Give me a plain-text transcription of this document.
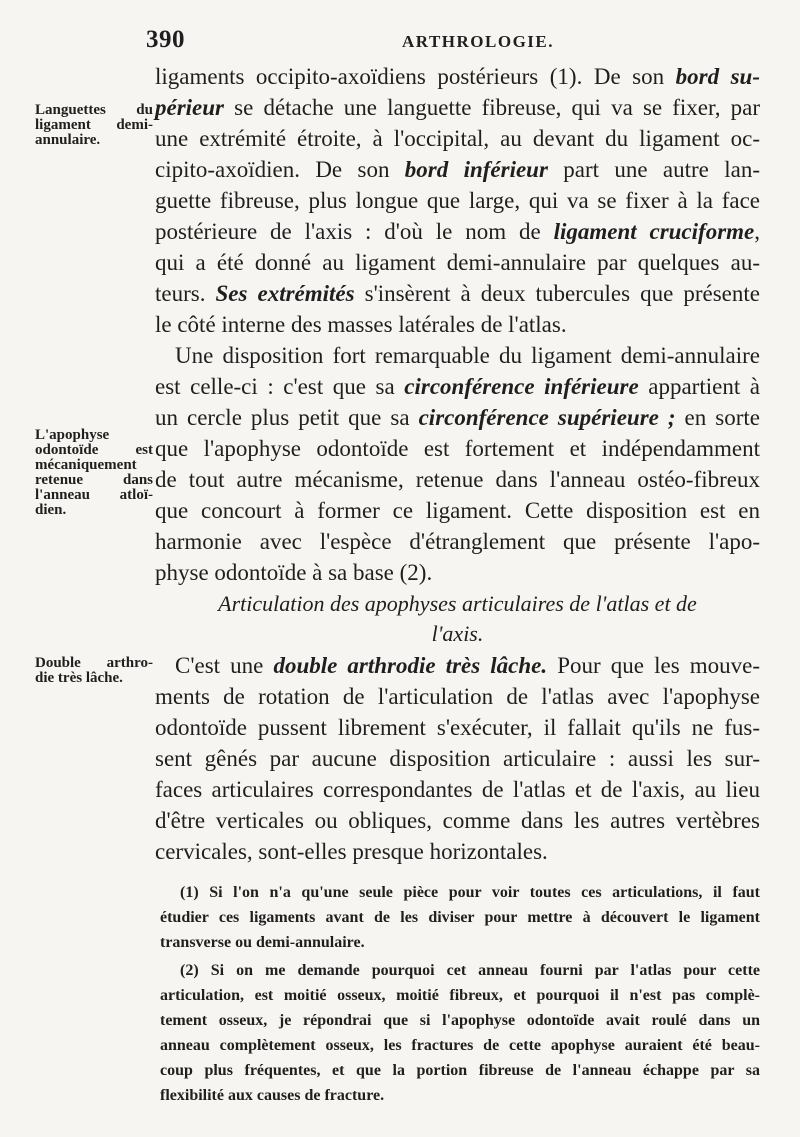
390	ARTHROLOGIE.
Languettes du
ligament demi-
annulaire.
L'apophyse
odontoïde est
mécaniquement
retenue dans
l'anneau atloï-
dien.
Double arthro-
die très lâche.
ligaments occipito-axoïdiens postérieurs (1). De son bord su-
périeur se détache une languette fibreuse, qui va se fixer, par
une extrémité étroite, à l'occipital, au devant du ligament oc-
cipito-axoïdien. De son bord inférieur part une autre lan-
guette fibreuse, plus longue que large, qui va se fixer à la face
postérieure de l'axis : d'où le nom de ligament cruciforme,
qui a été donné au ligament demi-annulaire par quelques au-
teurs. Ses extrémités s'insèrent à deux tubercules que présente
le côté interne des masses latérales de l'atlas.
Une disposition fort remarquable du ligament demi-annulaire
est celle-ci : c'est que sa circonférence inférieure appartient à
un cercle plus petit que sa circonférence supérieure ; en sorte
que l'apophyse odontoïde est fortement et indépendamment
de tout autre mécanisme, retenue dans l'anneau ostéo-fibreux
que concourt à former ce ligament. Cette disposition est en
harmonie avec l'espèce d'étranglement que présente l'apo-
physe odontoïde à sa base (2).
Articulation des apophyses articulaires de l'atlas et de
l'axis.
C'est une double arthrodie très lâche. Pour que les mouve-
ments de rotation de l'articulation de l'atlas avec l'apophyse
odontoïde pussent librement s'exécuter, il fallait qu'ils ne fus-
sent gênés par aucune disposition articulaire : aussi les sur-
faces articulaires correspondantes de l'atlas et de l'axis, au lieu
d'être verticales ou obliques, comme dans les autres vertèbres
cervicales, sont-elles presque horizontales.
(1) Si l'on n'a qu'une seule pièce pour voir toutes ces articulations, il faut
étudier ces ligaments avant de les diviser pour mettre à découvert le ligament
transverse ou demi-annulaire.
(2) Si on me demande pourquoi cet anneau fourni par l'atlas pour cette
articulation, est moitié osseux, moitié fibreux, et pourquoi il n'est pas complè-
tement osseux, je répondrai que si l'apophyse odontoïde avait roulé dans un
anneau complètement osseux, les fractures de cette apophyse auraient été beau-
coup plus fréquentes, et que la portion fibreuse de l'anneau échappe par sa
flexibilité aux causes de fracture.
